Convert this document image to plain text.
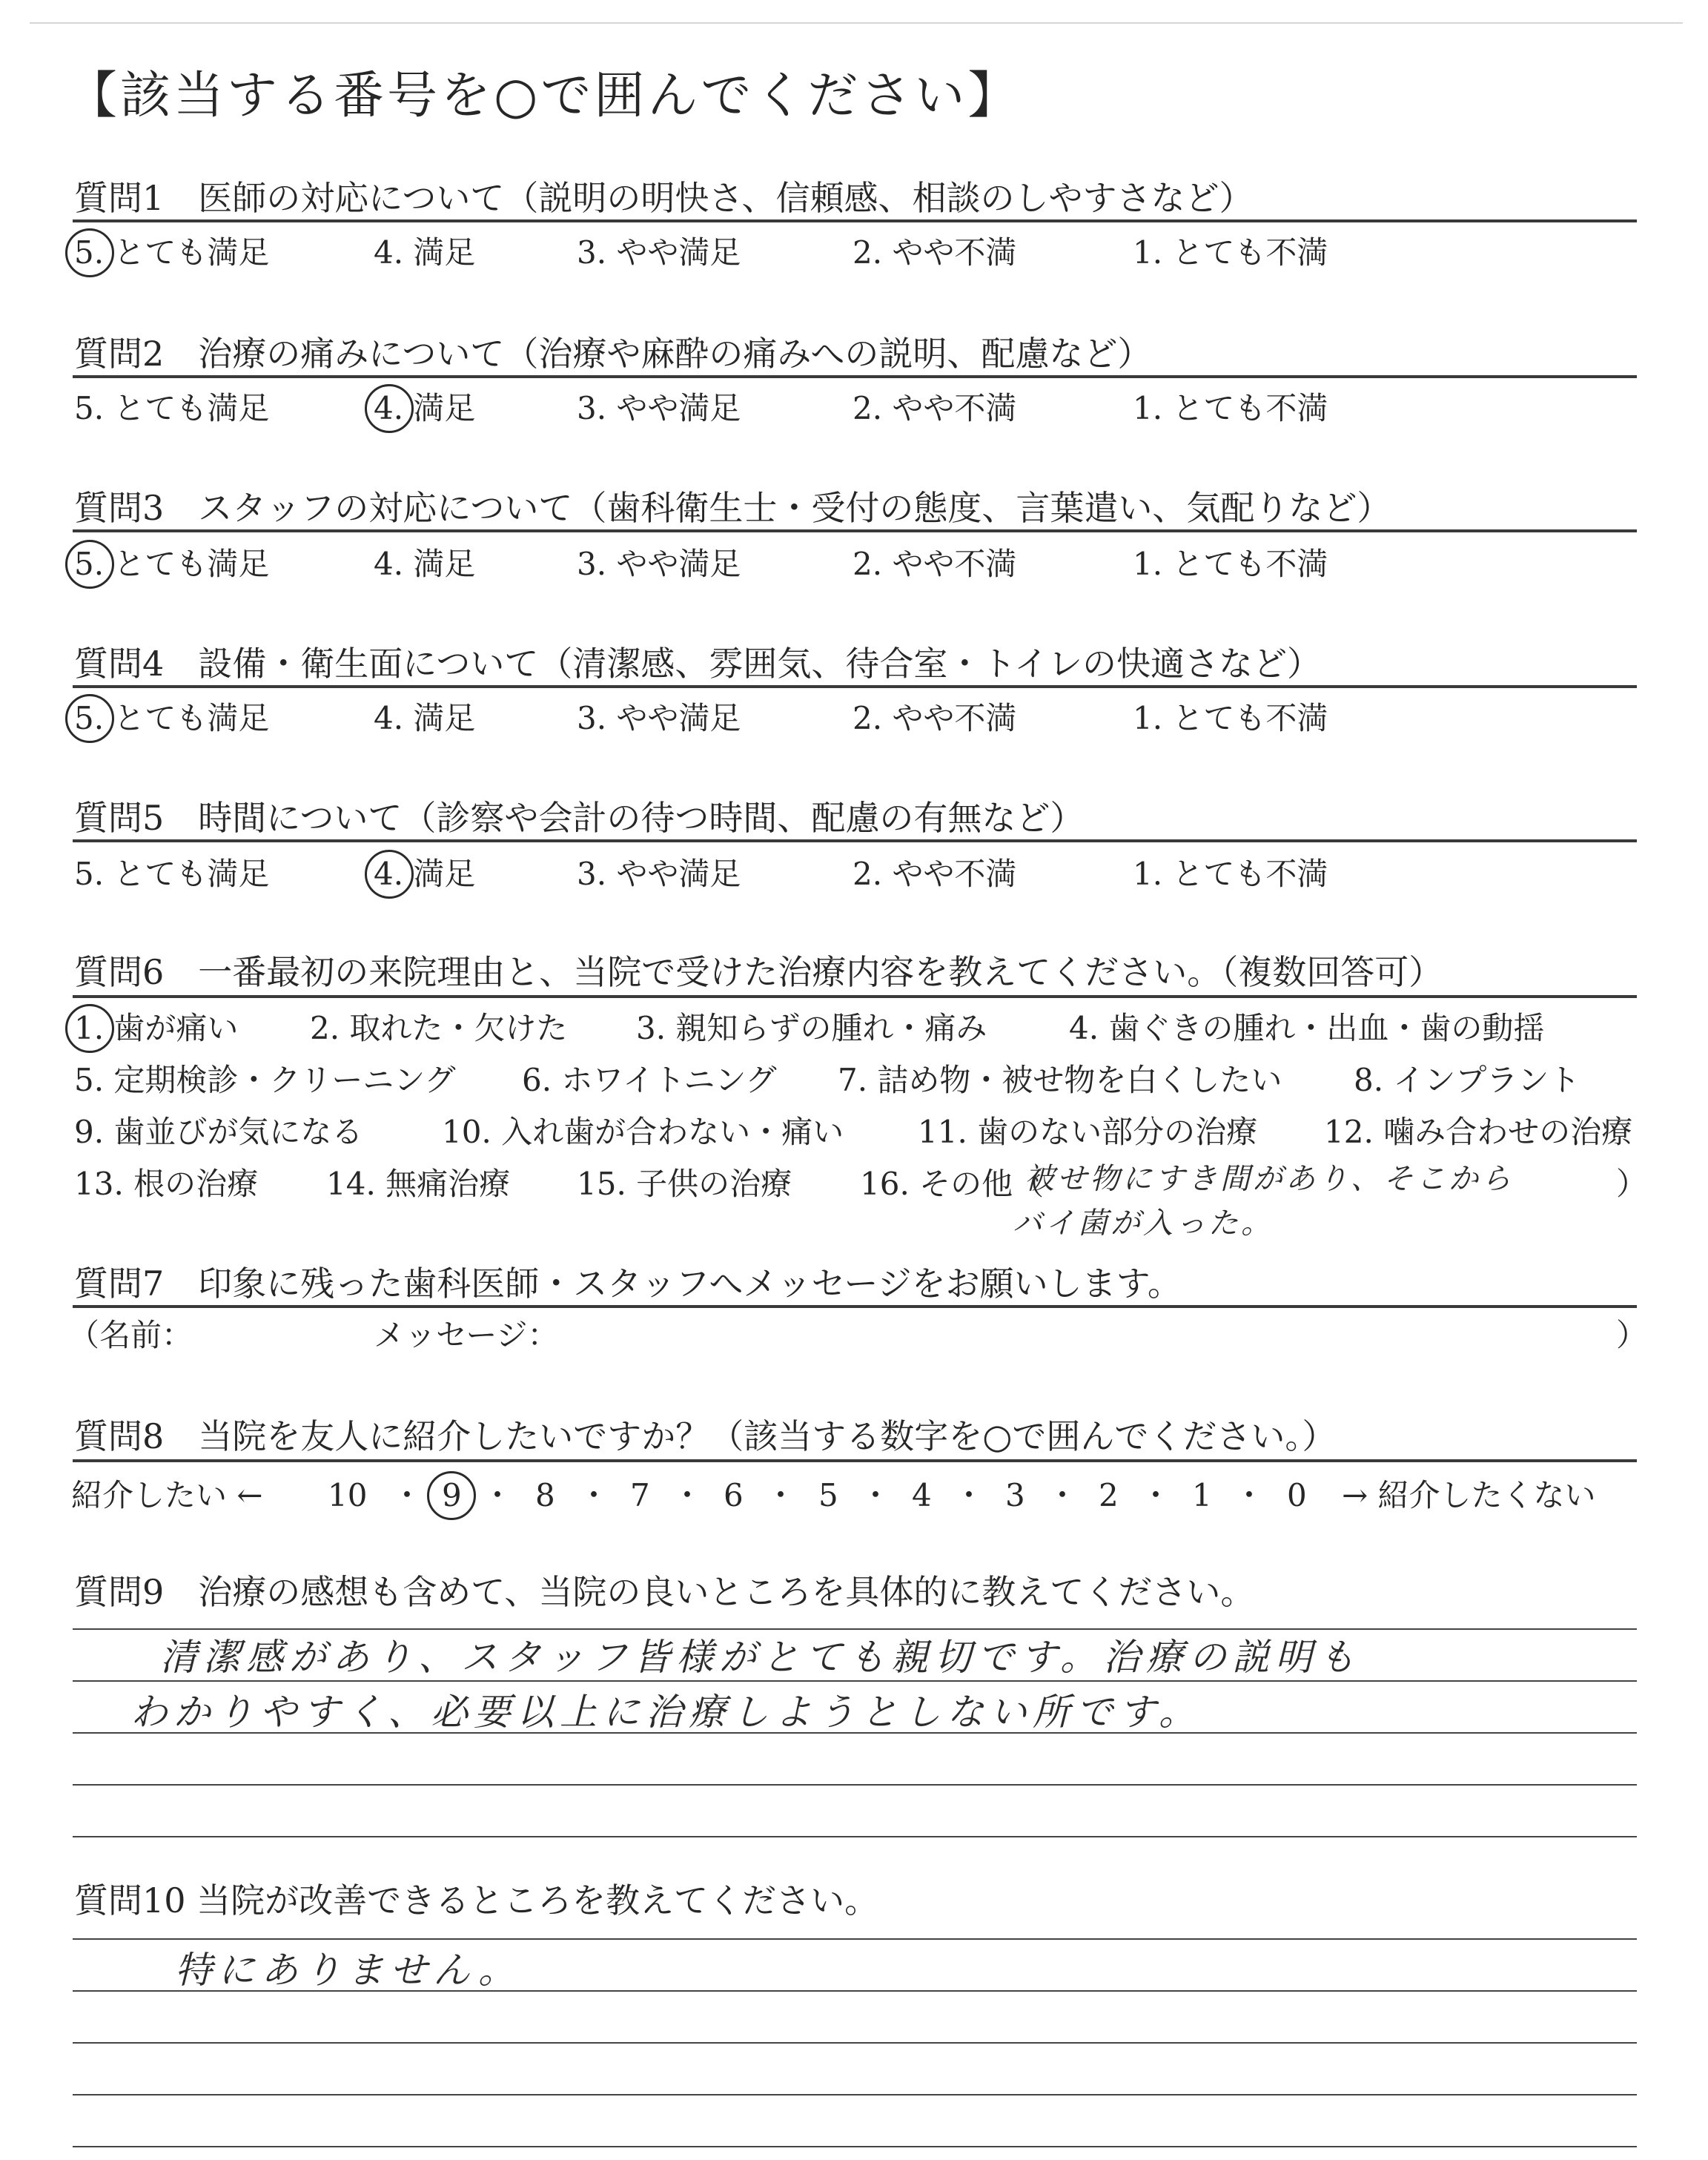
【該当する番号を○で囲んでください】
質問1　医師の対応について（説明の明快さ、信頼感、相談のしやすさなど）
5. とても満足	4. 満足	3. やや満足	2. やや不満	1. とても不満
質問2　治療の痛みについて（治療や麻酔の痛みへの説明、配慮など）
5. とても満足	4. 満足	3. やや満足	2. やや不満	1. とても不満
質問3　スタッフの対応について（歯科衛生士・受付の態度、言葉遣い、気配りなど）
5. とても満足	4. 満足	3. やや満足	2. やや不満	1. とても不満
質問4　設備・衛生面について（清潔感、雰囲気、待合室・トイレの快適さなど）
5. とても満足	4. 満足	3. やや満足	2. やや不満	1. とても不満
質問5　時間について（診察や会計の待つ時間、配慮の有無など）
5. とても満足	4. 満足	3. やや満足	2. やや不満	1. とても不満
質問6　一番最初の来院理由と、当院で受けた治療内容を教えてください。（複数回答可）
1. 歯が痛い 2. 取れた・欠けた 3. 親知らずの腫れ・痛み	4. 歯ぐきの腫れ・出血・歯の動揺
5. 定期検診・クリーニング 6. ホワイトニング 7. 詰め物・被せ物を白くしたい 8. インプラント
9. 歯並びが気になる	10. 入れ歯が合わない・痛い 11. 歯のない部分の治療 12. 噛み合わせの治療
13. 根の治療 14. 無痛治療 15. 子供の治療 16. その他（	）
被せ物にすき間があり、そこから
バイ菌が入った。
質問7　印象に残った歯科医師・スタッフへメッセージをお願いします。
（名前：	メッセージ：	）
質問8　当院を友人に紹介したいですか？（該当する数字を○で囲んでください。）
紹介したい ← 10 ・ 9 ・ 8 ・ 7 ・ 6 ・ 5 ・ 4 ・ 3 ・ 2 ・ 1 ・ 0 → 紹介したくない
質問9　治療の感想も含めて、当院の良いところを具体的に教えてください。
清潔感があり、スタッフ皆様がとても親切です。治療の説明も
わかりやすく、必要以上に治療しようとしない所です。
質問10 当院が改善できるところを教えてください。
特にありません。
